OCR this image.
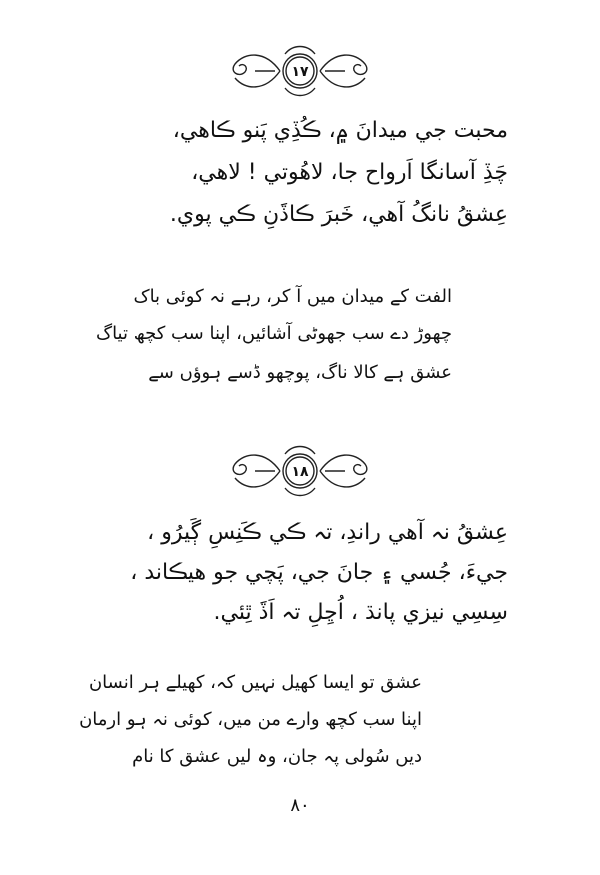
١٧
محبت جي ميدانَ ۾، ڪُڏِي پَنو ڪاهي،
چَڏِ آسانگا اَرواح جا، لاهُوتي ! لاهي،
عِشقُ نانگُ آهي، خَبرَ ڪاڏَنِ ڪي پوي.
الفت کے میدان میں آ کر، رہے نہ کوئی باک
چھوڑ دے سب جھوٹی آشائیں، اپنا سب کچھ تیاگ
عشق ہے کالا ناگ، پوچھو ڈسے ہوؤں سے
١٨
عِشقُ نہ آهي راندِ، تہ ڪي ڪَنِسِ ڳَيرُو ،
جيءَ، جُسي ۽ جانَ جي، پَچي جو هيڪاند ،
سِسِي نيزي پانڌ ، اُڃِلِ تہ اَڏَ ٿِئي.
عشق تو ایسا کھیل نہیں کہ، کھیلے ہر انسان
اپنا سب کچھ وارے من میں، کوئی نہ ہو ارمان
دیں سُولی پہ جان، وہ لیں عشق کا نام
٨٠
